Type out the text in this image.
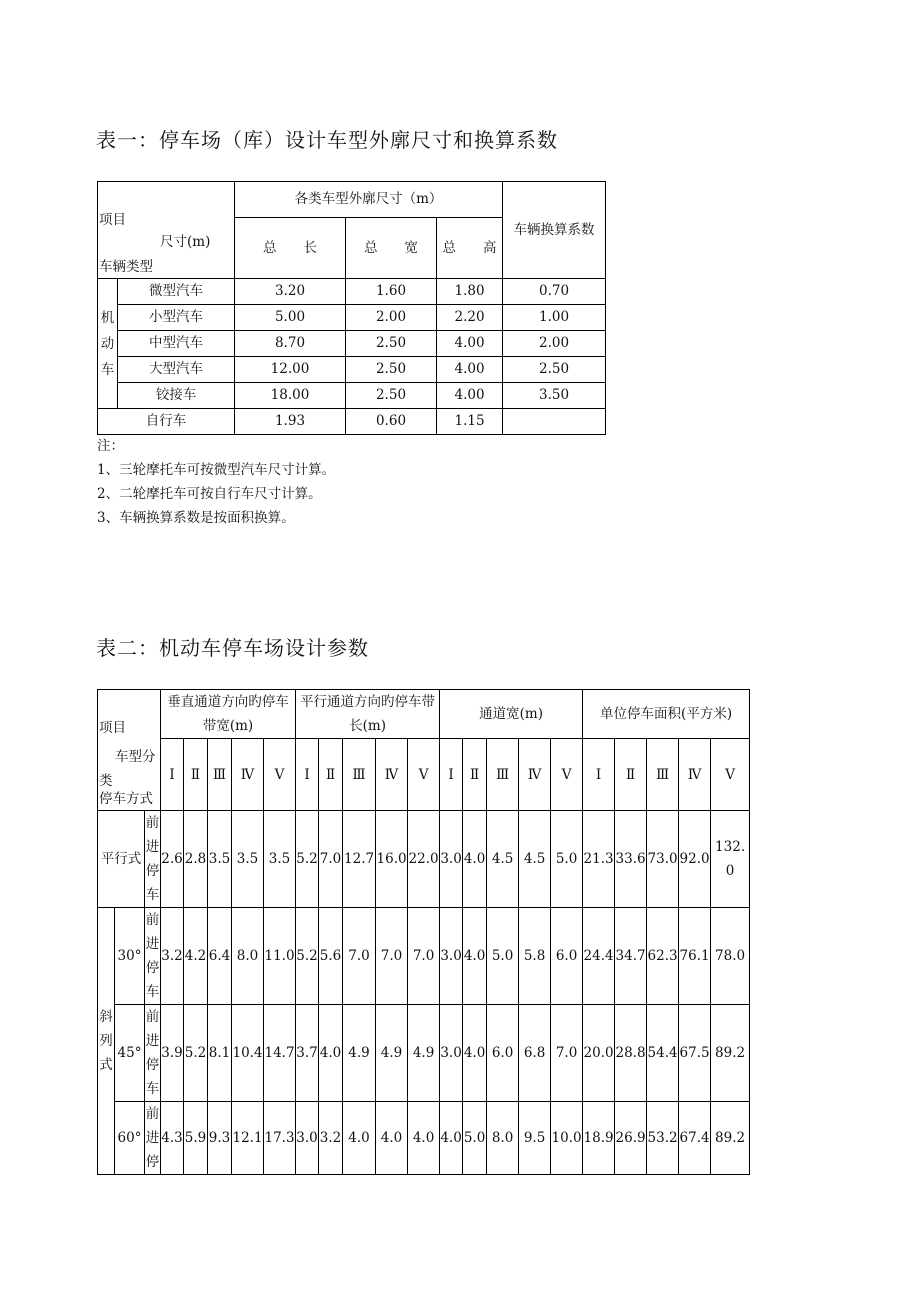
表一：停车场（库）设计车型外廓尺寸和换算系数
项目
尺寸(m)
车辆类型		各类车型外廓尺寸（m）			车辆换算系数
		总　　长	总　　宽	总　　高	
机动车	微型汽车	3.20	1.60	1.80	0.70
	小型汽车	5.00	2.00	2.20	1.00
	中型汽车	8.70	2.50	4.00	2.00
	大型汽车	12.00	2.50	4.00	2.50
	铰接车	18.00	2.50	4.00	3.50
自行车		1.93	0.60	1.15	
注：
1、三轮摩托车可按微型汽车尺寸计算。
2、二轮摩托车可按自行车尺寸计算。
3、车辆换算系数是按面积换算。
表二：机动车停车场设计参数
项目
车型分类
停车方式			垂直通道方向旳停车带宽(m)					平行通道方向旳停车带长(m)					通道宽(m)					单位停车面积(平方米)				
			Ⅰ	Ⅱ	Ⅲ	Ⅳ	Ⅴ	Ⅰ	Ⅱ	Ⅲ	Ⅳ	Ⅴ	Ⅰ	Ⅱ	Ⅲ	Ⅳ	Ⅴ	Ⅰ	Ⅱ	Ⅲ	Ⅳ	Ⅴ
平行式		前进停车	2.6	2.8	3.5	3.5	3.5	5.2	7.0	12.7	16.0	22.0	3.0	4.0	4.5	4.5	5.0	21.3	33.6	73.0	92.0	132.0
斜列式	30°	前进停车	3.2	4.2	6.4	8.0	11.0	5.2	5.6	7.0	7.0	7.0	3.0	4.0	5.0	5.8	6.0	24.4	34.7	62.3	76.1	78.0
	45°	前进停车	3.9	5.2	8.1	10.4	14.7	3.7	4.0	4.9	4.9	4.9	3.0	4.0	6.0	6.8	7.0	20.0	28.8	54.4	67.5	89.2
	60°	前进停	4.3	5.9	9.3	12.1	17.3	3.0	3.2	4.0	4.0	4.0	4.0	5.0	8.0	9.5	10.0	18.9	26.9	53.2	67.4	89.2
